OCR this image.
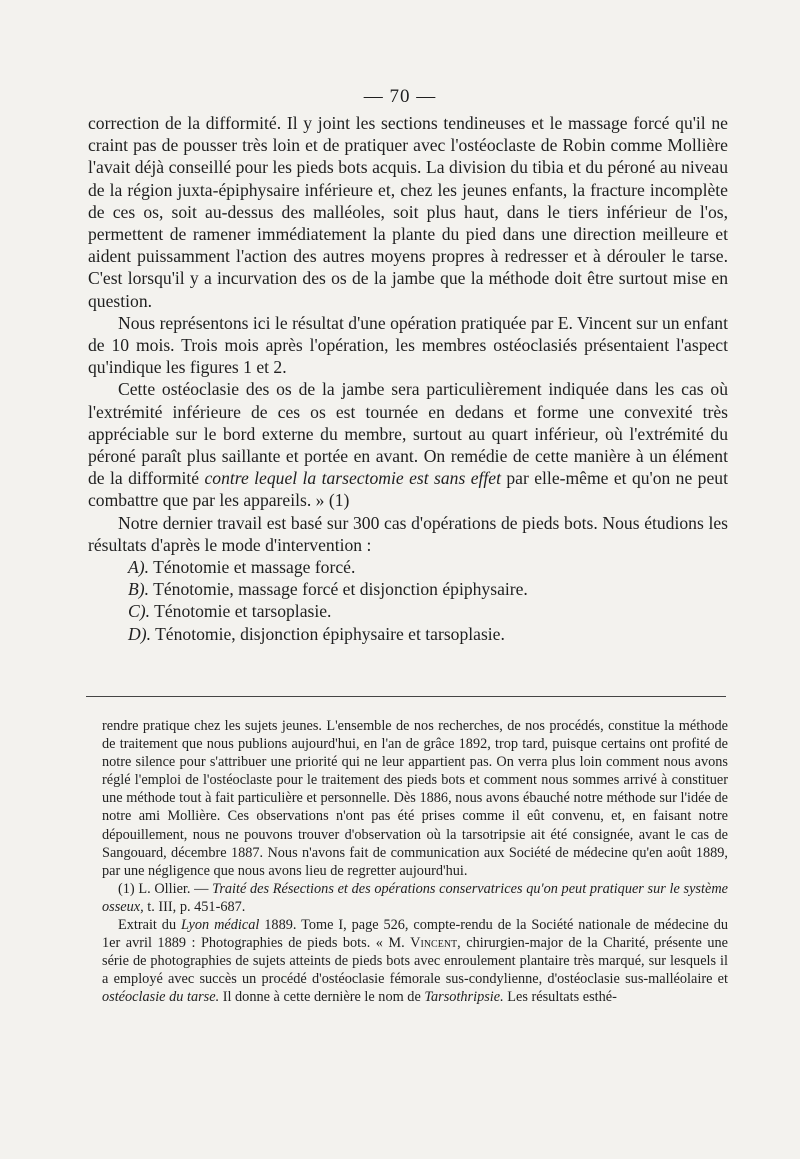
— 70 —

correction de la difformité. Il y joint les sections tendineuses et le massage forcé qu'il ne craint pas de pousser très loin et de pratiquer avec l'ostéoclaste de Robin comme Mollière l'avait déjà conseillé pour les pieds bots acquis. La division du tibia et du péroné au niveau de la région juxta-épiphysaire inférieure et, chez les jeunes enfants, la fracture incomplète de ces os, soit au-dessus des malléoles, soit plus haut, dans le tiers inférieur de l'os, permettent de ramener immédiatement la plante du pied dans une direction meilleure et aident puissamment l'action des autres moyens propres à redresser et à dérouler le tarse. C'est lorsqu'il y a incurvation des os de la jambe que la méthode doit être surtout mise en question.

Nous représentons ici le résultat d'une opération pratiquée par E. Vincent sur un enfant de 10 mois. Trois mois après l'opération, les membres ostéoclasiés présentaient l'aspect qu'indique les figures 1 et 2.

Cette ostéoclasie des os de la jambe sera particulièrement indiquée dans les cas où l'extrémité inférieure de ces os est tournée en dedans et forme une convexité très appréciable sur le bord externe du membre, surtout au quart inférieur, où l'extrémité du péroné paraît plus saillante et portée en avant. On remédie de cette manière à un élément de la difformité contre lequel la tarsectomie est sans effet par elle-même et qu'on ne peut combattre que par les appareils. » (1)

Notre dernier travail est basé sur 300 cas d'opérations de pieds bots. Nous étudions les résultats d'après le mode d'intervention :

A). Ténotomie et massage forcé.

B). Ténotomie, massage forcé et disjonction épiphysaire.

C). Ténotomie et tarsoplasie.

D). Ténotomie, disjonction épiphysaire et tarsoplasie.

rendre pratique chez les sujets jeunes. L'ensemble de nos recherches, de nos procédés, constitue la méthode de traitement que nous publions aujourd'hui, en l'an de grâce 1892, trop tard, puisque certains ont profité de notre silence pour s'attribuer une priorité qui ne leur appartient pas. On verra plus loin comment nous avons réglé l'emploi de l'ostéoclaste pour le traitement des pieds bots et comment nous sommes arrivé à constituer une méthode tout à fait particulière et personnelle. Dès 1886, nous avons ébauché notre méthode sur l'idée de notre ami Mollière. Ces observations n'ont pas été prises comme il eût convenu, et, en faisant notre dépouillement, nous ne pouvons trouver d'observation où la tarsotripsie ait été consignée, avant le cas de Sangouard, décembre 1887. Nous n'avons fait de communication aux Société de médecine qu'en août 1889, par une négligence que nous avons lieu de regretter aujourd'hui.

(1) L. Ollier. — Traité des Résections et des opérations conservatrices qu'on peut pratiquer sur le système osseux, t. III, p. 451-687.

Extrait du Lyon médical 1889. Tome I, page 526, compte-rendu de la Société nationale de médecine du 1er avril 1889 : Photographies de pieds bots. « M. Vincent, chirurgien-major de la Charité, présente une série de photographies de sujets atteints de pieds bots avec enroulement plantaire très marqué, sur lesquels il a employé avec succès un procédé d'ostéoclasie fémorale sus-condylienne, d'ostéoclasie sus-malléolaire et ostéoclasie du tarse. Il donne à cette dernière le nom de Tarsothripsie. Les résultats esthé-
